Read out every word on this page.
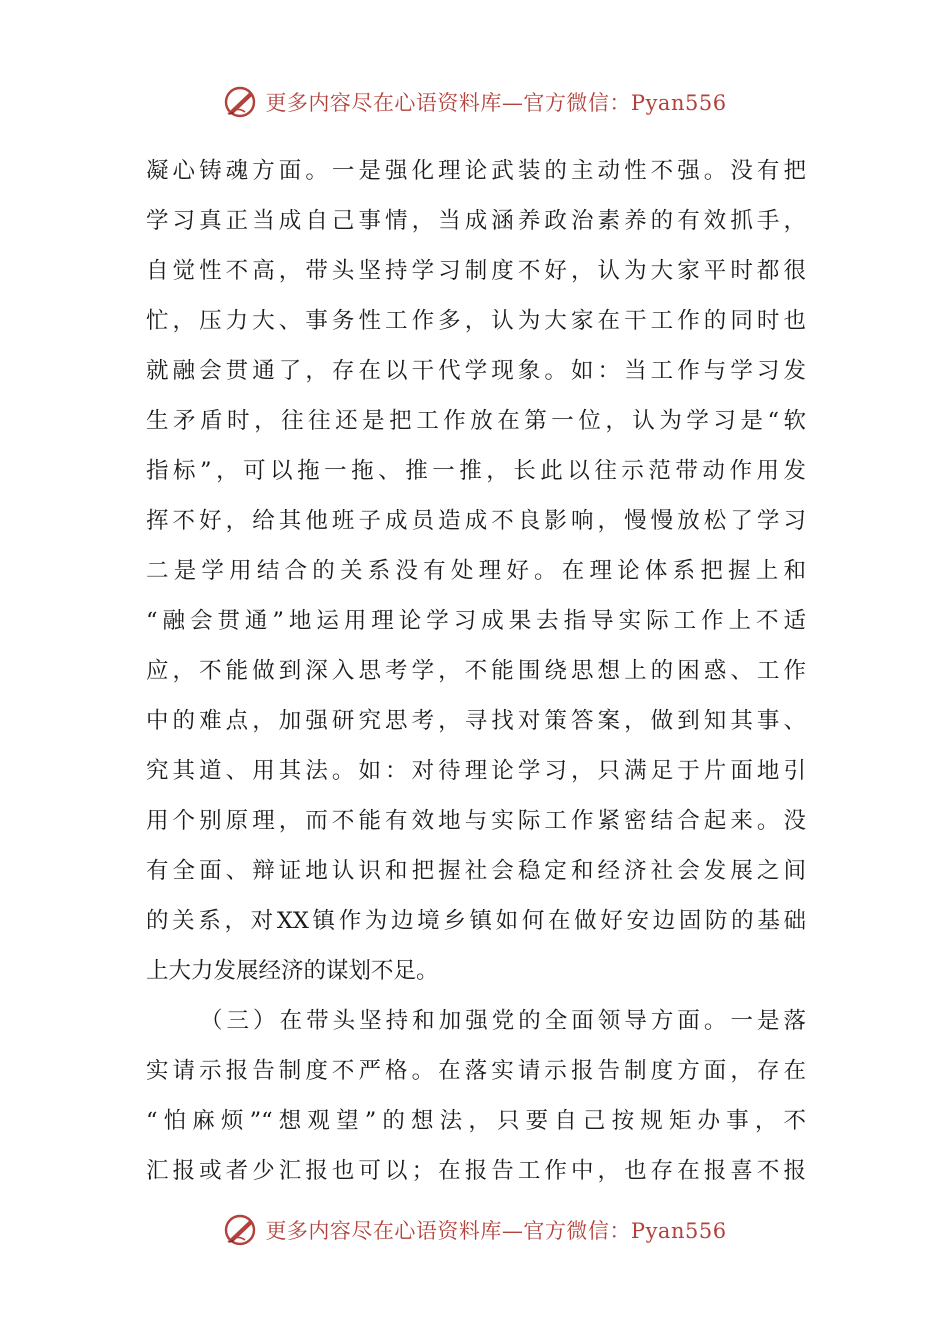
更多内容尽在心语资料库—官方微信：Pyan556
凝心铸魂方面。一是强化理论武装的主动性不强。没有把
学习真正当成自己事情，当成涵养政治素养的有效抓手，
自觉性不高，带头坚持学习制度不好，认为大家平时都很
忙，压力大、事务性工作多，认为大家在干工作的同时也
就融会贯通了，存在以干代学现象。如：当工作与学习发
生矛盾时，往往还是把工作放在第一位，认为学习是“软
指标”，可以拖一拖、推一推，长此以往示范带动作用发
挥不好，给其他班子成员造成不良影响，慢慢放松了学习
二是学用结合的关系没有处理好。在理论体系把握上和
“融会贯通”地运用理论学习成果去指导实际工作上不适
应，不能做到深入思考学，不能围绕思想上的困惑、工作
中的难点，加强研究思考，寻找对策答案，做到知其事、
究其道、用其法。如：对待理论学习，只满足于片面地引
用个别原理，而不能有效地与实际工作紧密结合起来。没
有全面、辩证地认识和把握社会稳定和经济社会发展之间
的关系，对XX镇作为边境乡镇如何在做好安边固防的基础
上大力发展经济的谋划不足。
（三）在带头坚持和加强党的全面领导方面。一是落
实请示报告制度不严格。在落实请示报告制度方面，存在
“怕麻烦”“想观望”的想法，只要自己按规矩办事，不
汇报或者少汇报也可以；在报告工作中，也存在报喜不报
更多内容尽在心语资料库—官方微信：Pyan556
